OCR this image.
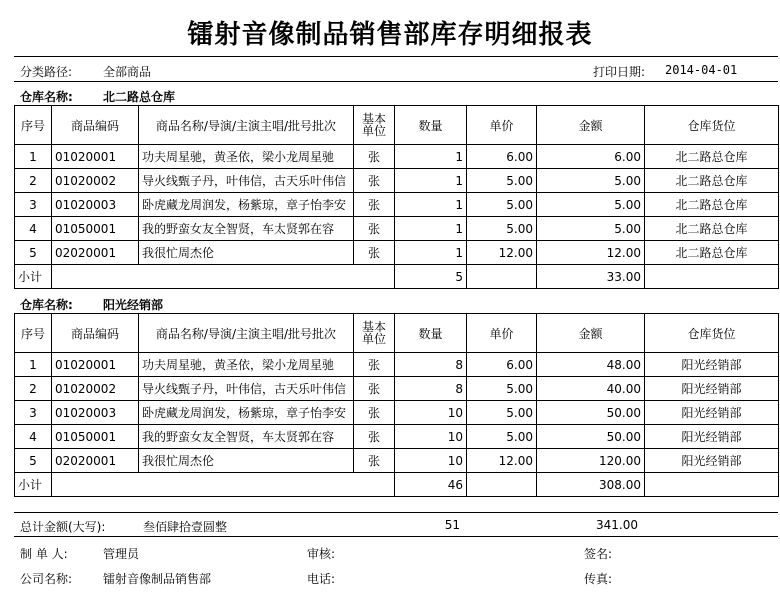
镭射音像制品销售部库存明细报表
分类路径:	全部商品	打印日期: 2014-04-01
仓库名称:	北二路总仓库
序号	商品编码	商品名称/导演/主演主唱/批号批次	基本
单位	数量	单价	金额	仓库货位
1	01020001	功夫周星驰，黄圣依，梁小龙周星驰	张	1	6.00	6.00	北二路总仓库
2	01020002	导火线甄子丹，叶伟信，古天乐叶伟信	张	1	5.00	5.00	北二路总仓库
3	01020003	卧虎藏龙周润发，杨紫琼，章子怡李安	张	1	5.00	5.00	北二路总仓库
4	01050001	我的野蛮女友全智贤，车太贤郭在容	张	1	5.00	5.00	北二路总仓库
5	02020001	我很忙周杰伦	张	1	12.00	12.00	北二路总仓库
小计				5		33.00	
仓库名称:	阳光经销部
序号	商品编码	商品名称/导演/主演主唱/批号批次	基本
单位	数量	单价	金额	仓库货位
1	01020001	功夫周星驰，黄圣依，梁小龙周星驰	张	8	6.00	48.00	阳光经销部
2	01020002	导火线甄子丹，叶伟信，古天乐叶伟信	张	8	5.00	40.00	阳光经销部
3	01020003	卧虎藏龙周润发，杨紫琼，章子怡李安	张	10	5.00	50.00	阳光经销部
4	01050001	我的野蛮女友全智贤，车太贤郭在容	张	10	5.00	50.00	阳光经销部
5	02020001	我很忙周杰伦	张	10	12.00	120.00	阳光经销部
小计				46		308.00	
总计金额(大写):	叁佰肆拾壹圆整	51	341.00
制 单 人:	管理员	审核:	签名:
公司名称:	镭射音像制品销售部	电话:	传真:
